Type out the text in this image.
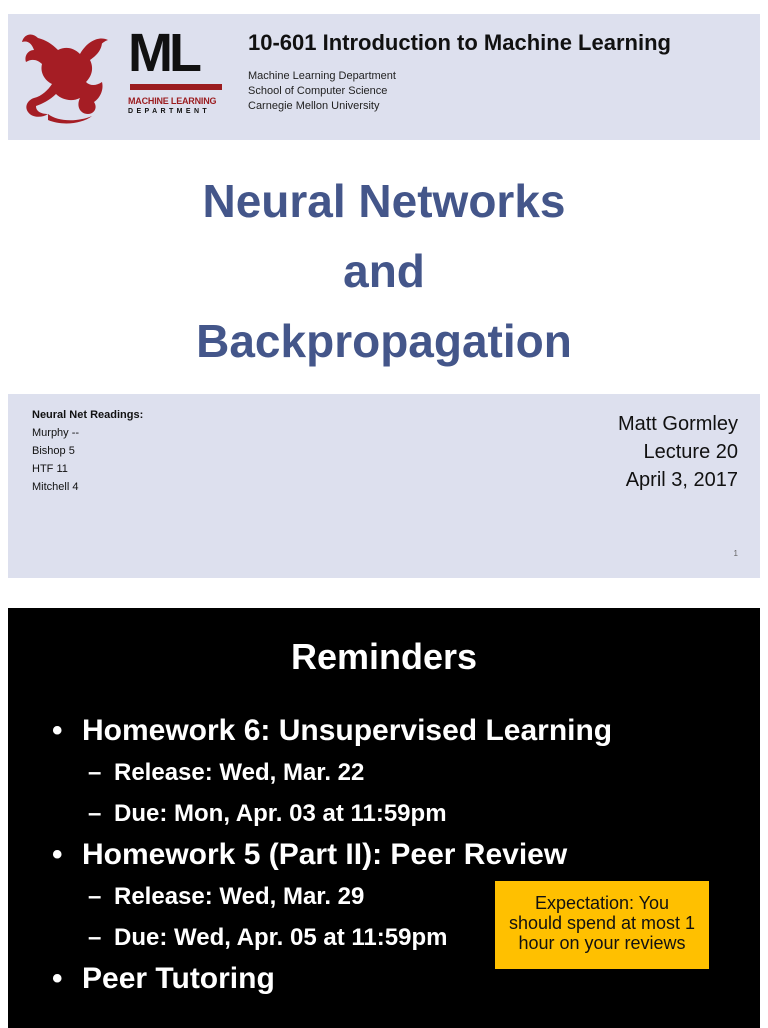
ML
MACHINE LEARNING
DEPARTMENT
10-601 Introduction to Machine Learning
Machine Learning Department
School of Computer Science
Carnegie Mellon University
Neural Networks
and
Backpropagation
Neural Net Readings:
Murphy --
Bishop 5
HTF 11
Mitchell 4
Matt Gormley
Lecture 20
April 3, 2017
1
Reminders
• Homework 6: Unsupervised Learning
– Release: Wed, Mar. 22
– Due: Mon, Apr. 03 at 11:59pm
• Homework 5 (Part II): Peer Review
– Release: Wed, Mar. 29
– Due: Wed, Apr. 05 at 11:59pm
• Peer Tutoring
Expectation: You
should spend at most 1
hour on your reviews
